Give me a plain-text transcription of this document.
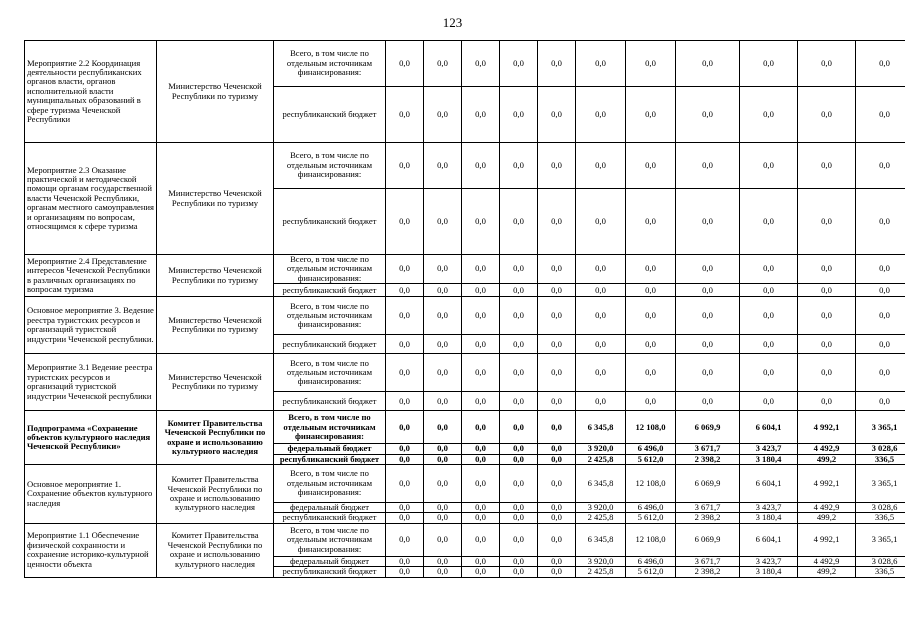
123
Мероприятие 2.2 Координация деятельности республиканских органов власти, органов исполнительной власти муниципальных образований в сфере туризма Чеченской Республики	Министерство Чеченской Республики по туризму	Всего, в том числе по отдельным источникам финансирования:	0,0	0,0	0,0	0,0	0,0	0,0	0,0	0,0	0,0	0,0	0,0	
		республиканский бюджет	0,0	0,0	0,0	0,0	0,0	0,0	0,0	0,0	0,0	0,0	0,0	
Мероприятие 2.3 Оказание практической и методической помощи органам государственной власти Чеченской Республики, органам местного самоуправления и организациям по вопросам, относящимся к сфере туризма	Министерство Чеченской Республики по туризму	Всего, в том числе по отдельным источникам финансирования:	0,0	0,0	0,0	0,0	0,0	0,0	0,0	0,0	0,0	0,0	0,0	
		республиканский бюджет	0,0	0,0	0,0	0,0	0,0	0,0	0,0	0,0	0,0	0,0	0,0	
Мероприятие 2.4 Представление интересов Чеченской Республики в различных организациях по вопросам туризма	Министерство Чеченской Республики по туризму	Всего, в том числе по отдельным источникам финансирования:	0,0	0,0	0,0	0,0	0,0	0,0	0,0	0,0	0,0	0,0	0,0	
		республиканский бюджет	0,0	0,0	0,0	0,0	0,0	0,0	0,0	0,0	0,0	0,0	0,0	
Основное мероприятие 3. Ведение реестра туристских ресурсов и организаций туристской индустрии Чеченской республики.	Министерство Чеченской Республики по туризму	Всего, в том числе по отдельным источникам финансирования:	0,0	0,0	0,0	0,0	0,0	0,0	0,0	0,0	0,0	0,0	0,0	
		республиканский бюджет	0,0	0,0	0,0	0,0	0,0	0,0	0,0	0,0	0,0	0,0	0,0	
Мероприятие 3.1 Ведение реестра туристских ресурсов и организаций туристской индустрии Чеченской республики	Министерство Чеченской Республики по туризму	Всего, в том числе по отдельным источникам финансирования:	0,0	0,0	0,0	0,0	0,0	0,0	0,0	0,0	0,0	0,0	0,0	
		республиканский бюджет	0,0	0,0	0,0	0,0	0,0	0,0	0,0	0,0	0,0	0,0	0,0	
Подпрограмма «Сохранение объектов культурного наследия Чеченской Республики»	Комитет Правительства Чеченской Республики по охране и использованию культурного наследия	Всего, в том числе по отдельным источникам финансирования:	0,0	0,0	0,0	0,0	0,0	6 345,8	12 108,0	6 069,9	6 604,1	4 992,1	3 365,1	
		федеральный бюджет	0,0	0,0	0,0	0,0	0,0	3 920,0	6 496,0	3 671,7	3 423,7	4 492,9	3 028,6	
		республиканский бюджет	0,0	0,0	0,0	0,0	0,0	2 425,8	5 612,0	2 398,2	3 180,4	499,2	336,5	
Основное мероприятие 1. Сохранение объектов культурного наследия	Комитет Правительства Чеченской Республики по охране и использованию культурного наследия	Всего, в том числе по отдельным источникам финансирования:	0,0	0,0	0,0	0,0	0,0	6 345,8	12 108,0	6 069,9	6 604,1	4 992,1	3 365,1	
		федеральный бюджет	0,0	0,0	0,0	0,0	0,0	3 920,0	6 496,0	3 671,7	3 423,7	4 492,9	3 028,6	
		республиканский бюджет	0,0	0,0	0,0	0,0	0,0	2 425,8	5 612,0	2 398,2	3 180,4	499,2	336,5	
Мероприятие 1.1 Обеспечение физической сохранности и сохранение историко-культурной ценности объекта	Комитет Правительства Чеченской Республики по охране и использованию культурного наследия	Всего, в том числе по отдельным источникам финансирования:	0,0	0,0	0,0	0,0	0,0	6 345,8	12 108,0	6 069,9	6 604,1	4 992,1	3 365,1	
		федеральный бюджет	0,0	0,0	0,0	0,0	0,0	3 920,0	6 496,0	3 671,7	3 423,7	4 492,9	3 028,6	
		республиканский бюджет	0,0	0,0	0,0	0,0	0,0	2 425,8	5 612,0	2 398,2	3 180,4	499,2	336,5	
